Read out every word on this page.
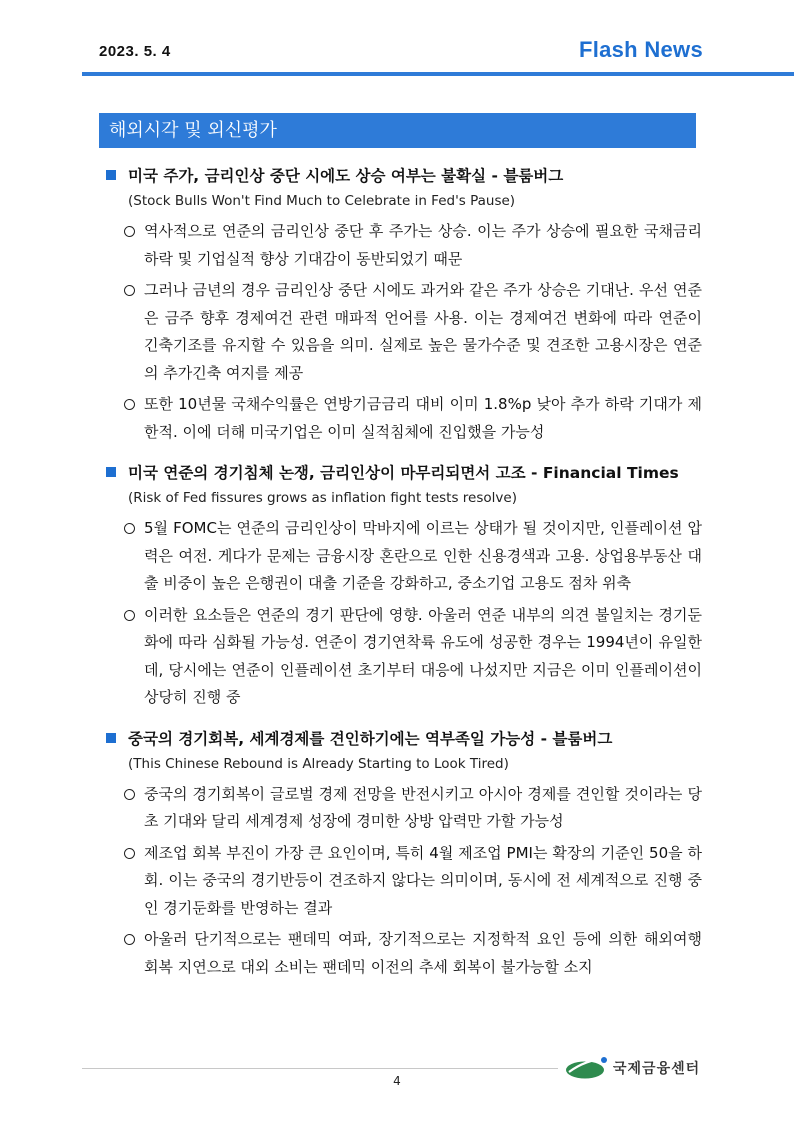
2023. 5. 4	Flash News
해외시각 및 외신평가
미국 주가, 금리인상 중단 시에도 상승 여부는 불확실 - 블룸버그
(Stock Bulls Won't Find Much to Celebrate in Fed's Pause)
역사적으로 연준의 금리인상 중단 후 주가는 상승. 이는 주가 상승에 필요한 국채금리 하락 및 기업실적 향상 기대감이 동반되었기 때문
그러나 금년의 경우 금리인상 중단 시에도 과거와 같은 주가 상승은 기대난. 우선 연준은 금주 향후 경제여건 관련 매파적 언어를 사용. 이는 경제여건 변화에 따라 연준이 긴축기조를 유지할 수 있음을 의미. 실제로 높은 물가수준 및 견조한 고용시장은 연준의 추가긴축 여지를 제공
또한 10년물 국채수익률은 연방기금금리 대비 이미 1.8%p 낮아 추가 하락 기대가 제한적. 이에 더해 미국기업은 이미 실적침체에 진입했을 가능성
미국 연준의 경기침체 논쟁, 금리인상이 마무리되면서 고조 - Financial Times
(Risk of Fed fissures grows as inflation fight tests resolve)
5월 FOMC는 연준의 금리인상이 막바지에 이르는 상태가 될 것이지만, 인플레이션 압력은 여전. 게다가 문제는 금융시장 혼란으로 인한 신용경색과 고용. 상업용부동산 대출 비중이 높은 은행권이 대출 기준을 강화하고, 중소기업 고용도 점차 위축
이러한 요소들은 연준의 경기 판단에 영향. 아울러 연준 내부의 의견 불일치는 경기둔화에 따라 심화될 가능성. 연준이 경기연착륙 유도에 성공한 경우는 1994년이 유일한데, 당시에는 연준이 인플레이션 초기부터 대응에 나섰지만 지금은 이미 인플레이션이 상당히 진행 중
중국의 경기회복, 세계경제를 견인하기에는 역부족일 가능성 - 블룸버그
(This Chinese Rebound is Already Starting to Look Tired)
중국의 경기회복이 글로벌 경제 전망을 반전시키고 아시아 경제를 견인할 것이라는 당초 기대와 달리 세계경제 성장에 경미한 상방 압력만 가할 가능성
제조업 회복 부진이 가장 큰 요인이며, 특히 4월 제조업 PMI는 확장의 기준인 50을 하회. 이는 중국의 경기반등이 견조하지 않다는 의미이며, 동시에 전 세계적으로 진행 중인 경기둔화를 반영하는 결과
아울러 단기적으로는 팬데믹 여파, 장기적으로는 지정학적 요인 등에 의한 해외여행 회복 지연으로 대외 소비는 팬데믹 이전의 추세 회복이 불가능할 소지
국제금융센터
4
